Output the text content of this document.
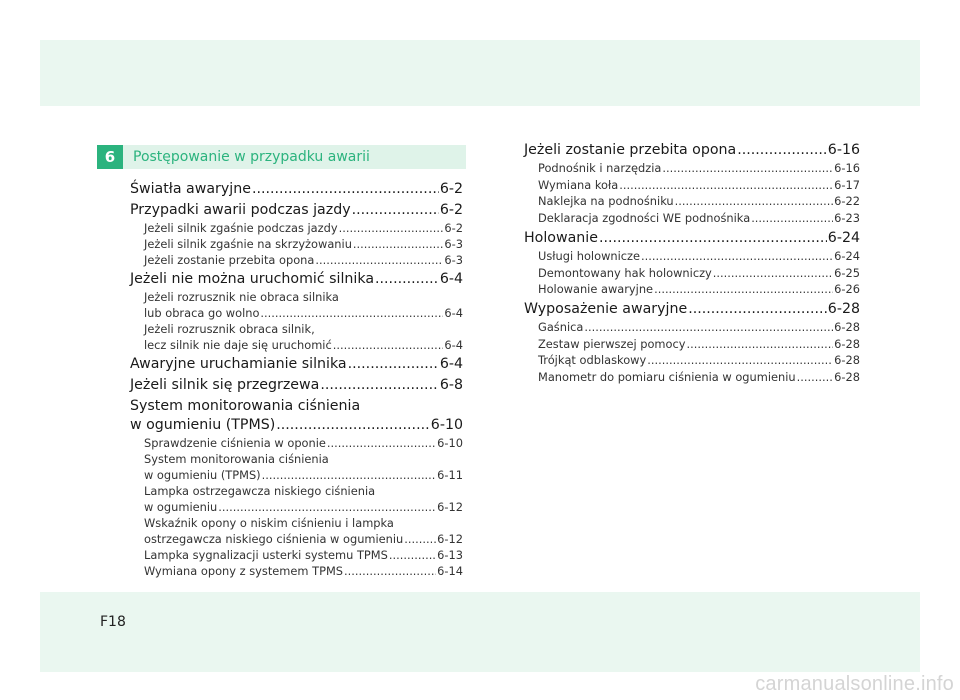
6	Postępowanie w przypadku awarii
Światła awaryjne .....	6-2
Przypadki awarii podczas jazdy .....	6-2
Jeżeli silnik zgaśnie podczas jazdy .....	6-2
Jeżeli silnik zgaśnie na skrzyżowaniu .....	6-3
Jeżeli zostanie przebita opona .....	6-3
Jeżeli nie można uruchomić silnika .....	6-4
Jeżeli rozrusznik nie obraca silnika
lub obraca go wolno .....	6-4
Jeżeli rozrusznik obraca silnik,
lecz silnik nie daje się uruchomić .....	6-4
Awaryjne uruchamianie silnika .....	6-4
Jeżeli silnik się przegrzewa .....	6-8
System monitorowania ciśnienia
w ogumieniu (TPMS) .....	6-10
Sprawdzenie ciśnienia w oponie .....	6-10
System monitorowania ciśnienia
w ogumieniu (TPMS) .....	6-11
Lampka ostrzegawcza niskiego ciśnienia
w ogumieniu .....	6-12
Wskaźnik opony o niskim ciśnieniu i lampka
ostrzegawcza niskiego ciśnienia w ogumieniu .....	6-12
Lampka sygnalizacji usterki systemu TPMS .....	6-13
Wymiana opony z systemem TPMS .....	6-14
Jeżeli zostanie przebita opona .....	6-16
Podnośnik i narzędzia .....	6-16
Wymiana koła .....	6-17
Naklejka na podnośniku .....	6-22
Deklaracja zgodności WE podnośnika .....	6-23
Holowanie .....	6-24
Usługi holownicze .....	6-24
Demontowany hak holowniczy .....	6-25
Holowanie awaryjne .....	6-26
Wyposażenie awaryjne .....	6-28
Gaśnica .....	6-28
Zestaw pierwszej pomocy .....	6-28
Trójkąt odblaskowy .....	6-28
Manometr do pomiaru ciśnienia w ogumieniu .....	6-28
F18
carmanualsonline.info
